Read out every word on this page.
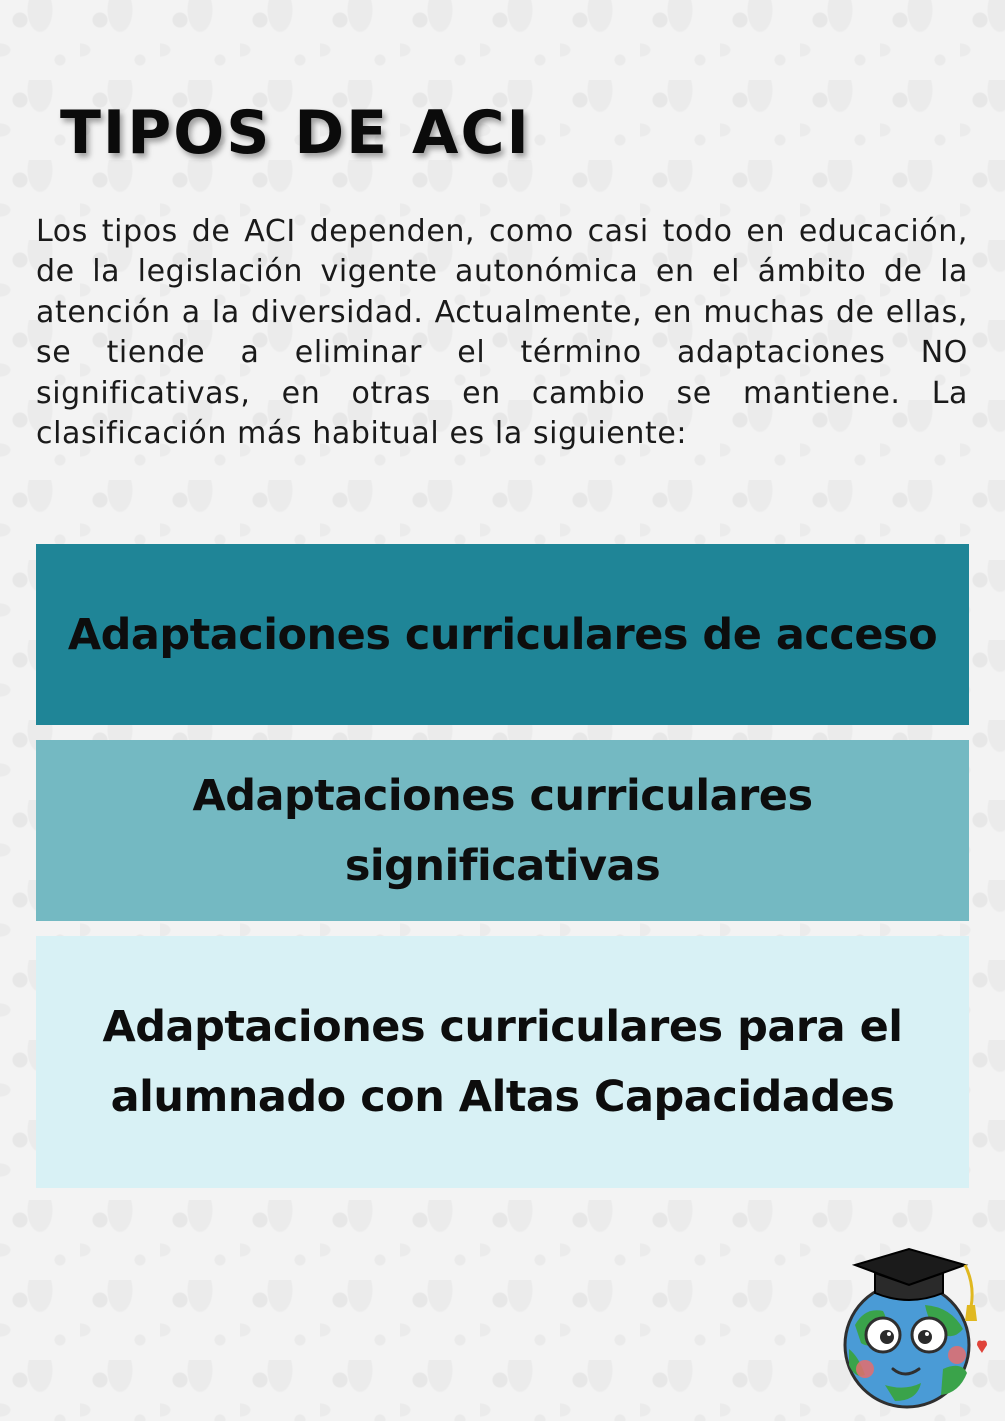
TIPOS DE ACI

Los tipos de ACI dependen, como casi todo en educación, de la legislación vigente autonómica en el ámbito de la atención a la diversidad. Actualmente, en muchas de ellas, se tiende a eliminar el término adaptaciones NO significativas, en otras en cambio se mantiene. La clasificación más habitual es la siguiente:

Adaptaciones curriculares de acceso
Adaptaciones curriculares significativas
Adaptaciones curriculares para el alumnado con Altas Capacidades
